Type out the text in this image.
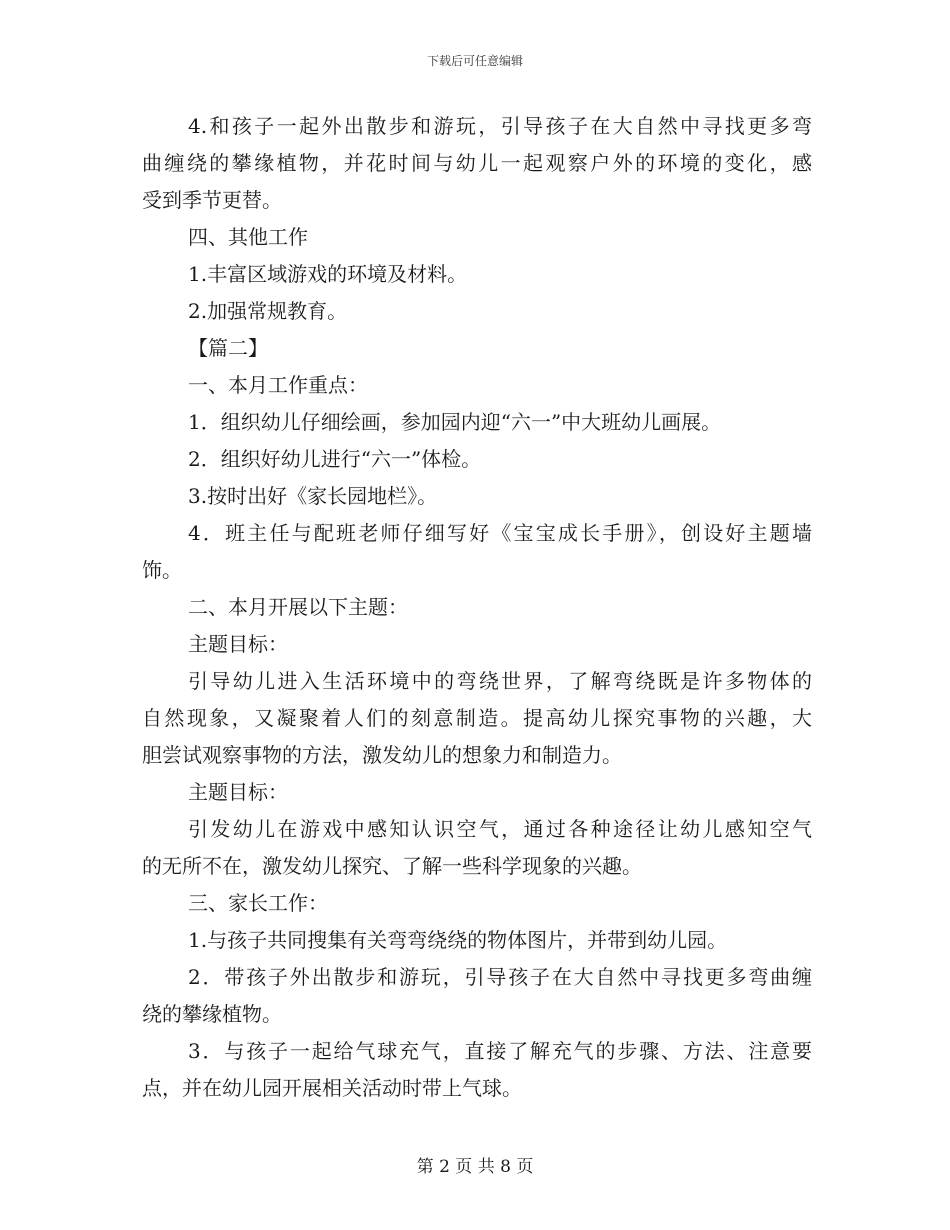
下载后可任意编辑
4.和孩子一起外出散步和游玩，引导孩子在大自然中寻找更多弯
曲缠绕的攀缘植物，并花时间与幼儿一起观察户外的环境的变化，感
受到季节更替。
四、其他工作
1.丰富区域游戏的环境及材料。
2.加强常规教育。
【篇二】
一、本月工作重点：
1．组织幼儿仔细绘画，参加园内迎“六一”中大班幼儿画展。
2．组织好幼儿进行“六一”体检。
3.按时出好《家长园地栏》。
4．班主任与配班老师仔细写好《宝宝成长手册》，创设好主题墙
饰。
二、本月开展以下主题：
主题目标：
引导幼儿进入生活环境中的弯绕世界，了解弯绕既是许多物体的
自然现象，又凝聚着人们的刻意制造。提高幼儿探究事物的兴趣，大
胆尝试观察事物的方法，激发幼儿的想象力和制造力。
主题目标：
引发幼儿在游戏中感知认识空气，通过各种途径让幼儿感知空气
的无所不在，激发幼儿探究、了解一些科学现象的兴趣。
三、家长工作：
1.与孩子共同搜集有关弯弯绕绕的物体图片，并带到幼儿园。
2．带孩子外出散步和游玩，引导孩子在大自然中寻找更多弯曲缠
绕的攀缘植物。
3．与孩子一起给气球充气，直接了解充气的步骤、方法、注意要
点，并在幼儿园开展相关活动时带上气球。
第 2 页 共 8 页
